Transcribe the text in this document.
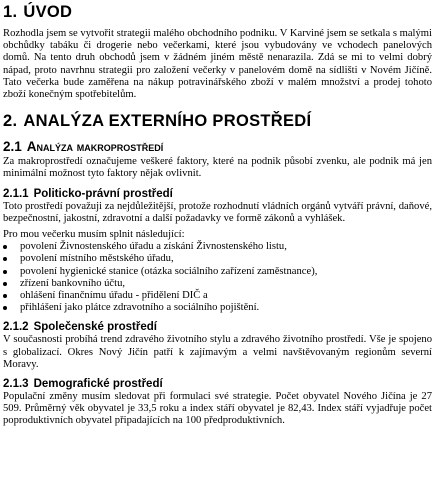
1. ÚVOD

Rozhodla jsem se vytvořit strategii malého obchodního podniku. V Karviné jsem se setkala s malými obchůdky tabáku či drogerie nebo večerkami, které jsou vybudovány ve vchodech panelových domů. Na tento druh obchodů jsem v žádném jiném městě nenarazila. Zdá se mi to velmi dobrý nápad, proto navrhnu strategii pro založení večerky v panelovém domě na sídlišti v Novém Jičíně. Tato večerka bude zaměřena na nákup potravinářského zboží v malém množství a prodej tohoto zboží konečným spotřebitelům.

2. ANALÝZA EXTERNÍHO PROSTŘEDÍ
2.1 Analýza makroprostředí

Za makroprostředí označujeme veškeré faktory, které na podnik působí zvenku, ale podnik má jen minimální možnost tyto faktory nějak ovlivnit.

2.1.1 Politicko-právní prostředí

Toto prostředí považuji za nejdůležitější, protože rozhodnutí vládních orgánů vytváří právní, daňové, bezpečnostní, jakostní, zdravotní a další požadavky ve formě zákonů a vyhlášek.

Pro mou večerku musím splnit následující:

povolení Živnostenského úřadu a získání Živnostenského listu,
povolení místního městského úřadu,
povolení hygienické stanice (otázka sociálního zařízení zaměstnance),
zřízení bankovního účtu,
ohlášení finančnímu úřadu - přidělení DIČ a
přihlášení jako plátce zdravotního a sociálního pojištění.
2.1.2 Společenské prostředí

V současnosti probíhá trend zdravého životního stylu a zdravého životního prostředí. Vše je spojeno s globalizací. Okres Nový Jičín patří k zajímavým a velmi navštěvovaným regionům severní Moravy.

2.1.3 Demografické prostředí

Populační změny musím sledovat při formulaci své strategie. Počet obyvatel Nového Jičína je 27 509. Průměrný věk obyvatel je 33,5 roku a index stáří obyvatel je 82,43. Index stáří vyjadřuje počet poproduktivních obyvatel připadajících na 100 předproduktivních.
